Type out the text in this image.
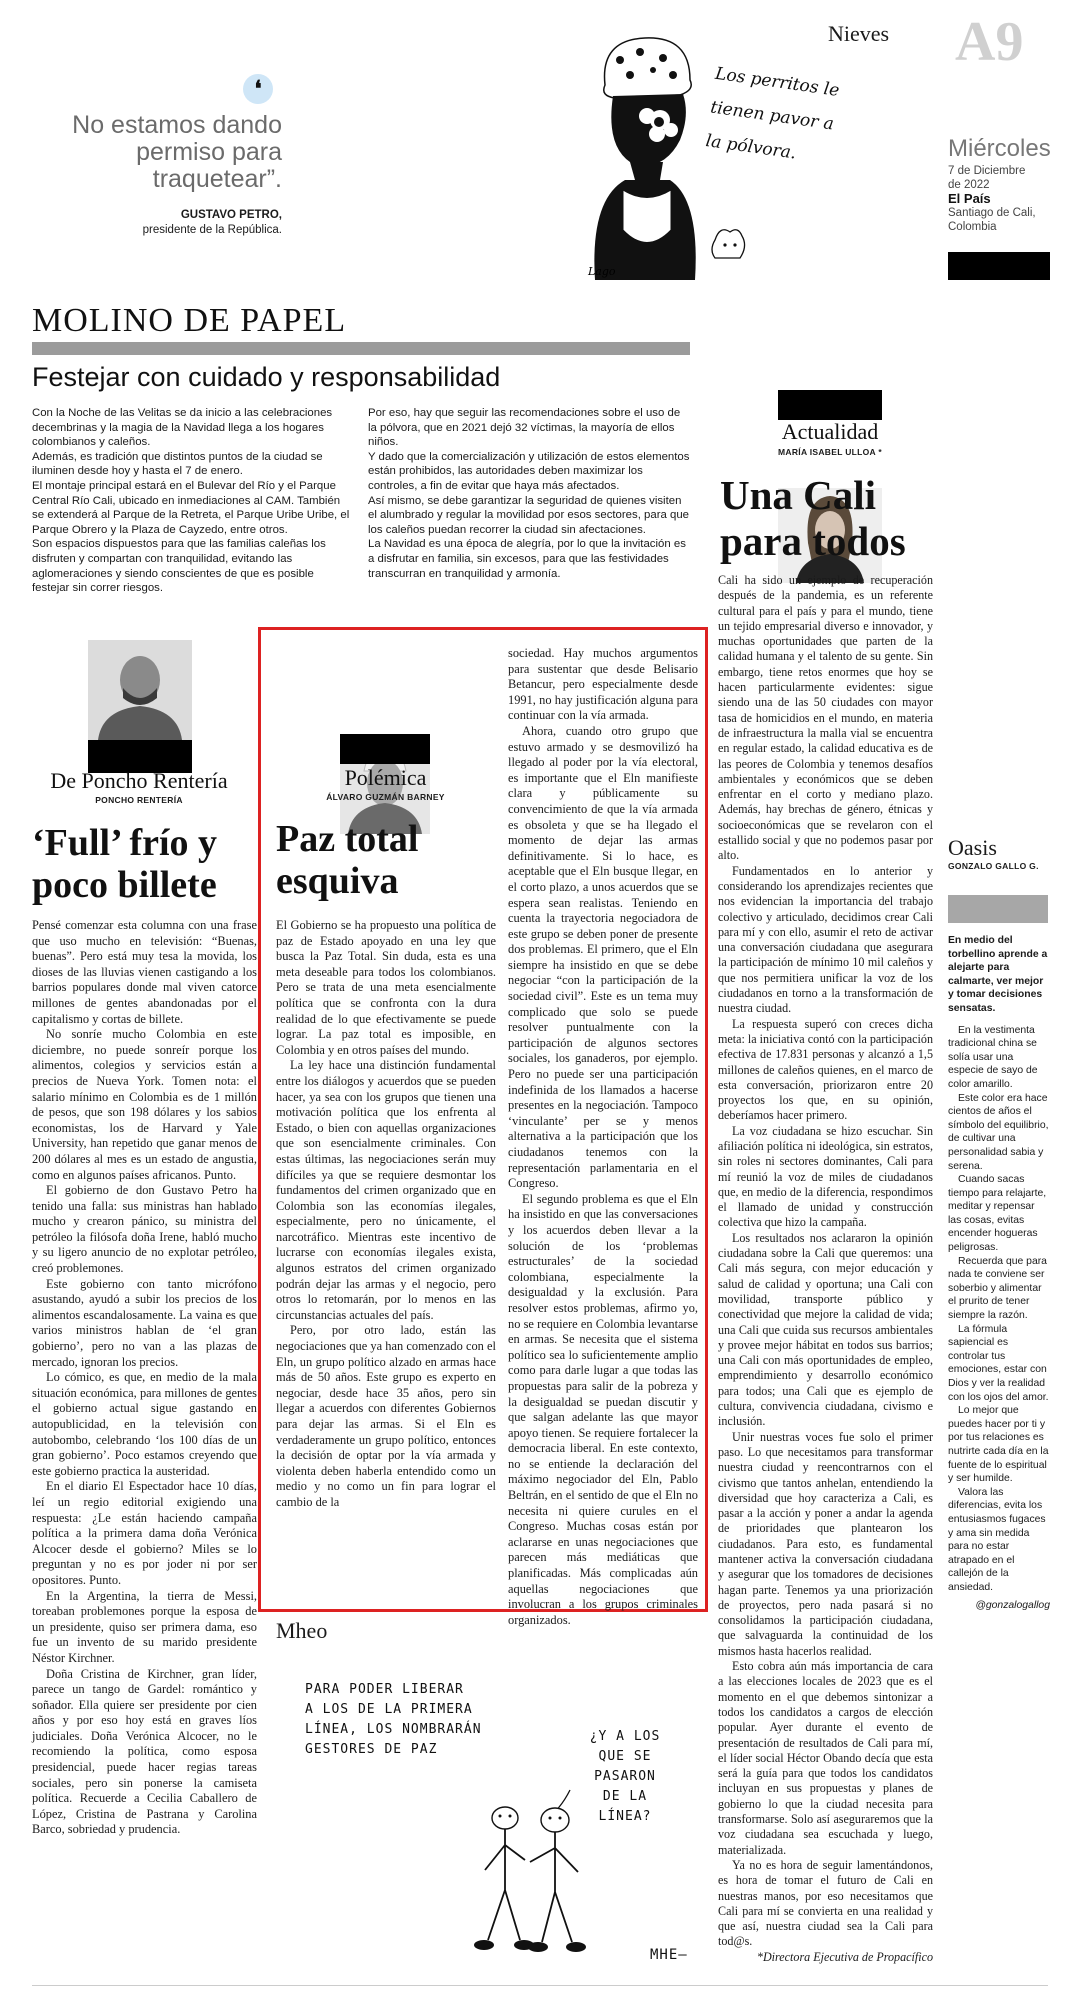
❛
No estamos dando permiso para traquetear”.
GUSTAVO PETRO,
presidente de la República.
Nieves
Lago
Los perritos le tienen pavor a la pólvora.
A9
Miércoles
7 de Diciembre
de 2022
El País
Santiago de Cali,
Colombia
MOLINO DE PAPEL
Festejar con cuidado y responsabilidad

Con la Noche de las Velitas se da inicio a las celebraciones decembrinas y la magia de la Navidad llega a los hogares colombianos y caleños.

Además, es tradición que distintos puntos de la ciudad se iluminen desde hoy y hasta el 7 de enero.

El montaje principal estará en el Bulevar del Río y el Parque Central Río Cali, ubicado en inmediaciones al CAM. También se extenderá al Parque de la Retreta, el Parque Uribe Uribe, el Parque Obrero y la Plaza de Cayzedo, entre otros.

Son espacios dispuestos para que las familias caleñas los disfruten y compartan con tranquilidad, evitando las aglomeraciones y siendo conscientes de que es posible festejar sin correr riesgos.

Por eso, hay que seguir las recomendaciones sobre el uso de la pólvora, que en 2021 dejó 32 víctimas, la mayoría de ellos niños.

Y dado que la comercialización y utilización de estos elementos están prohibidos, las autoridades deben maximizar los controles, a fin de evitar que haya más afectados.

Así mismo, se debe garantizar la seguridad de quienes visiten el alumbrado y regular la movilidad por esos sectores, para que los caleños puedan recorrer la ciudad sin afectaciones.

La Navidad es una época de alegría, por lo que la invitación es a disfrutar en familia, sin excesos, para que las festividades transcurran en tranquilidad y armonía.

De Poncho Rentería
PONCHO RENTERÍA
‘Full’ frío y
poco billete

Pensé comenzar esta columna con una frase que uso mucho en televisión: “Buenas, buenas”. Pero está muy tesa la movida, los dioses de las lluvias vienen castigando a los barrios populares donde mal viven catorce millones de gentes abandonadas por el capitalismo y cortas de billete.

No sonríe mucho Colombia en este diciembre, no puede sonreír porque los alimentos, colegios y servicios están a precios de Nueva York. Tomen nota: el salario mínimo en Colombia es de 1 millón de pesos, que son 198 dólares y los sabios economistas, los de Harvard y Yale University, han repetido que ganar menos de 200 dólares al mes es un estado de angustia, como en algunos países africanos. Punto.

El gobierno de don Gustavo Petro ha tenido una falla: sus ministras han hablado mucho y crearon pánico, su ministra del petróleo la filósofa doña Irene, habló mucho y su ligero anuncio de no explotar petróleo, creó problemones.

Este gobierno con tanto micrófono asustando, ayudó a subir los precios de los alimentos escandalosamente. La vaina es que varios ministros hablan de ‘el gran gobierno’, pero no van a las plazas de mercado, ignoran los precios.

Lo cómico, es que, en medio de la mala situación económica, para millones de gentes el gobierno actual sigue gastando en autopublicidad, en la televisión con autobombo, celebrando ‘los 100 días de un gran gobierno’. Poco estamos creyendo que este gobierno practica la austeridad.

En el diario El Espectador hace 10 días, leí un regio editorial exigiendo una respuesta: ¿Le están haciendo campaña política a la primera dama doña Verónica Alcocer desde el gobierno? Miles se lo preguntan y no es por joder ni por ser opositores. Punto.

En la Argentina, la tierra de Messi, toreaban problemones porque la esposa de un presidente, quiso ser primera dama, eso fue un invento de su marido presidente Néstor Kirchner.

Doña Cristina de Kirchner, gran líder, parece un tango de Gardel: romántico y soñador. Ella quiere ser presidente por cien años y por eso hoy está en graves líos judiciales. Doña Verónica Alcocer, no le recomiendo la política, como esposa presidencial, puede hacer regias tareas sociales, pero sin ponerse la camiseta política. Recuerde a Cecilia Caballero de López, Cristina de Pastrana y Carolina Barco, sobriedad y prudencia.

Polémica
ÁLVARO GUZMÁN BARNEY
Paz total
esquiva

El Gobierno se ha propuesto una política de paz de Estado apoyado en una ley que busca la Paz Total. Sin duda, esta es una meta deseable para todos los colombianos. Pero se trata de una meta esencialmente política que se confronta con la dura realidad de lo que efectivamente se puede lograr. La paz total es imposible, en Colombia y en otros países del mundo.

La ley hace una distinción fundamental entre los diálogos y acuerdos que se pueden hacer, ya sea con los grupos que tienen una motivación política que los enfrenta al Estado, o bien con aquellas organizaciones que son esencialmente criminales. Con estas últimas, las negociaciones serán muy difíciles ya que se requiere desmontar los fundamentos del crimen organizado que en Colombia son las economías ilegales, especialmente, pero no únicamente, el narcotráfico. Mientras este incentivo de lucrarse con economías ilegales exista, algunos estratos del crimen organizado podrán dejar las armas y el negocio, pero otros lo retomarán, por lo menos en las circunstancias actuales del país.

Pero, por otro lado, están las negociaciones que ya han comenzado con el Eln, un grupo político alzado en armas hace más de 50 años. Este grupo es experto en negociar, desde hace 35 años, pero sin llegar a acuerdos con diferentes Gobiernos para dejar las armas. Si el Eln es verdaderamente un grupo político, entonces la decisión de optar por la vía armada y violenta deben haberla entendido como un medio y no como un fin para lograr el cambio de la

sociedad. Hay muchos argumentos para sustentar que desde Belisario Betancur, pero especialmente desde 1991, no hay justificación alguna para continuar con la vía armada.

Ahora, cuando otro grupo que estuvo armado y se desmovilizó ha llegado al poder por la vía electoral, es importante que el Eln manifieste clara y públicamente su convencimiento de que la vía armada es obsoleta y que se ha llegado el momento de dejar las armas definitivamente. Si lo hace, es aceptable que el Eln busque llegar, en el corto plazo, a unos acuerdos que se espera sean realistas. Teniendo en cuenta la trayectoria negociadora de este grupo se deben poner de presente dos problemas. El primero, que el Eln siempre ha insistido en que se debe negociar “con la participación de la sociedad civil”. Este es un tema muy complicado que solo se puede resolver puntualmente con la participación de algunos sectores sociales, los ganaderos, por ejemplo. Pero no puede ser una participación indefinida de los llamados a hacerse presentes en la negociación. Tampoco ‘vinculante’ per se y menos alternativa a la participación que los ciudadanos tenemos con la representación parlamentaria en el Congreso.

El segundo problema es que el Eln ha insistido en que las conversaciones y los acuerdos deben llevar a la solución de los ‘problemas estructurales’ de la sociedad colombiana, especialmente la desigualdad y la exclusión. Para resolver estos problemas, afirmo yo, no se requiere en Colombia levantarse en armas. Se necesita que el sistema político sea lo suficientemente amplio como para darle lugar a que todas las propuestas para salir de la pobreza y la desigualdad se puedan discutir y que salgan adelante las que mayor apoyo tienen. Se requiere fortalecer la democracia liberal. En este contexto, no se entiende la declaración del máximo negociador del Eln, Pablo Beltrán, en el sentido de que el Eln no necesita ni quiere curules en el Congreso. Muchas cosas están por aclararse en unas negociaciones que parecen más mediáticas que planificadas. Más complicadas aún aquellas negociaciones que involucran a los grupos criminales organizados.

Mheo
PARA PODER LIBERAR
A LOS DE LA PRIMERA
LÍNEA, LOS NOMBRARÁN
GESTORES DE PAZ
¿Y A LOS
QUE SE
PASARON
DE LA
LÍNEA?
MHE—
Actualidad
MARÍA ISABEL ULLOA *
Una Cali
para todos

Cali ha sido un ejemplo de recuperación después de la pandemia, es un referente cultural para el país y para el mundo, tiene un tejido empresarial diverso e innovador, y muchas oportunidades que parten de la calidad humana y el talento de su gente. Sin embargo, tiene retos enormes que hoy se hacen particularmente evidentes: sigue siendo una de las 50 ciudades con mayor tasa de homicidios en el mundo, en materia de infraestructura la malla vial se encuentra en regular estado, la calidad educativa es de las peores de Colombia y tenemos desafíos ambientales y económicos que se deben enfrentar en el corto y mediano plazo. Además, hay brechas de género, étnicas y socioeconómicas que se revelaron con el estallido social y que no podemos pasar por alto.

Fundamentados en lo anterior y considerando los aprendizajes recientes que nos evidencian la importancia del trabajo colectivo y articulado, decidimos crear Cali para mí y con ello, asumir el reto de activar una conversación ciudadana que asegurara la participación de mínimo 10 mil caleños y que nos permitiera unificar la voz de los ciudadanos en torno a la transformación de nuestra ciudad.

La respuesta superó con creces dicha meta: la iniciativa contó con la participación efectiva de 17.831 personas y alcanzó a 1,5 millones de caleños quienes, en el marco de esta conversación, priorizaron entre 20 proyectos los que, en su opinión, deberíamos hacer primero.

La voz ciudadana se hizo escuchar. Sin afiliación política ni ideológica, sin estratos, sin roles ni sectores dominantes, Cali para mí reunió la voz de miles de ciudadanos que, en medio de la diferencia, respondimos el llamado de unidad y construcción colectiva que hizo la campaña.

Los resultados nos aclararon la opinión ciudadana sobre la Cali que queremos: una Cali más segura, con mejor educación y salud de calidad y oportuna; una Cali con movilidad, transporte público y conectividad que mejore la calidad de vida; una Cali que cuida sus recursos ambientales y provee mejor hábitat en todos sus barrios; una Cali con más oportunidades de empleo, emprendimiento y desarrollo económico para todos; una Cali que es ejemplo de cultura, convivencia ciudadana, civismo e inclusión.

Unir nuestras voces fue solo el primer paso. Lo que necesitamos para transformar nuestra ciudad y reencontrarnos con el civismo que tantos anhelan, entendiendo la diversidad que hoy caracteriza a Cali, es pasar a la acción y poner a andar la agenda de prioridades que plantearon los ciudadanos. Para esto, es fundamental mantener activa la conversación ciudadana y asegurar que los tomadores de decisiones hagan parte. Tenemos ya una priorización de proyectos, pero nada pasará si no consolidamos la participación ciudadana, que salvaguarda la continuidad de los mismos hasta hacerlos realidad.

Esto cobra aún más importancia de cara a las elecciones locales de 2023 que es el momento en el que debemos sintonizar a todos los candidatos a cargos de elección popular. Ayer durante el evento de presentación de resultados de Cali para mí, el líder social Héctor Obando decía que esta será la guía para que todos los candidatos incluyan en sus propuestas y planes de gobierno lo que la ciudad necesita para transformarse. Solo así aseguraremos que la voz ciudadana sea escuchada y luego, materializada.

Ya no es hora de seguir lamentándonos, es hora de tomar el futuro de Cali en nuestras manos, por eso necesitamos que Cali para mí se convierta en una realidad y que así, nuestra ciudad sea la Cali para tod@s.

*Directora Ejecutiva de Propacífico

Oasis
GONZALO GALLO G.

En medio del torbellino aprende a alejarte para calmarte, ver mejor y tomar decisiones sensatas.

En la vestimenta tradicional china se solía usar una especie de sayo de color amarillo.

Este color era hace cientos de años el símbolo del equilibrio, de cultivar una personalidad sabia y serena.

Cuando sacas tiempo para relajarte, meditar y repensar las cosas, evitas encender hogueras peligrosas.

Recuerda que para nada te conviene ser soberbio y alimentar el prurito de tener siempre la razón.

La fórmula sapiencial es controlar tus emociones, estar con Dios y ver la realidad con los ojos del amor.

Lo mejor que puedes hacer por ti y por tus relaciones es nutrirte cada día en la fuente de lo espiritual y ser humilde.

Valora las diferencias, evita los entusiasmos fugaces y ama sin medida para no estar atrapado en el callejón de la ansiedad.

@gonzalogallog
